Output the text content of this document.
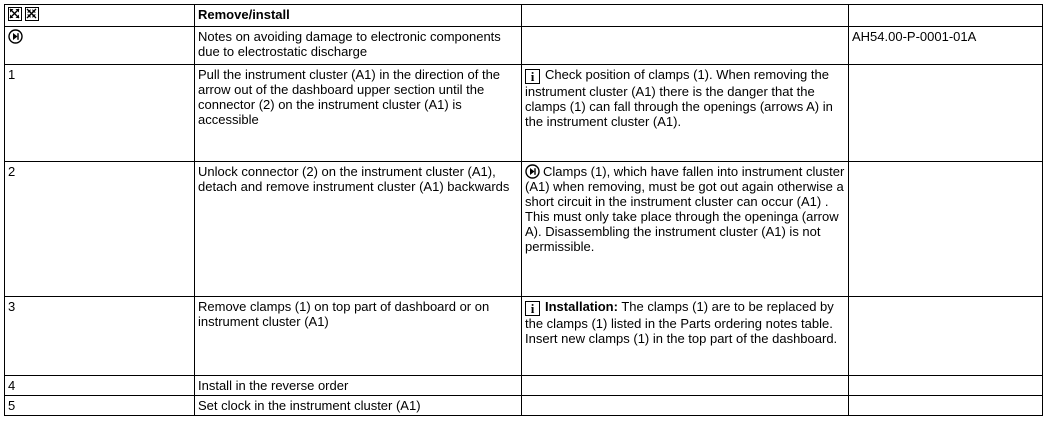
	Remove/install		
	Notes on avoiding damage to electronic components due to electrostatic discharge		AH54.00-P-0001-01A
1	Pull the instrument cluster (A1) in the direction of the arrow out of the dashboard upper section until the connector (2) on the instrument cluster (A1) is accessible	i Check position of clamps (1). When removing the instrument cluster (A1) there is the danger that the clamps (1) can fall through the openings (arrows A) in the instrument cluster (A1).	
2	Unlock connector (2) on the instrument cluster (A1), detach and remove instrument cluster (A1) backwards	Clamps (1), which have fallen into instrument cluster (A1) when removing, must be got out again otherwise a short circuit in the instrument cluster can occur (A1) . This must only take place through the openinga (arrow A). Disassembling the instrument cluster (A1) is not permissible.	
3	Remove clamps (1) on top part of dashboard or on instrument cluster (A1)	i Installation: The clamps (1) are to be replaced by the clamps (1) listed in the Parts ordering notes table. Insert new clamps (1) in the top part of the dashboard.	
4	Install in the reverse order		
5	Set clock in the instrument cluster (A1)		
